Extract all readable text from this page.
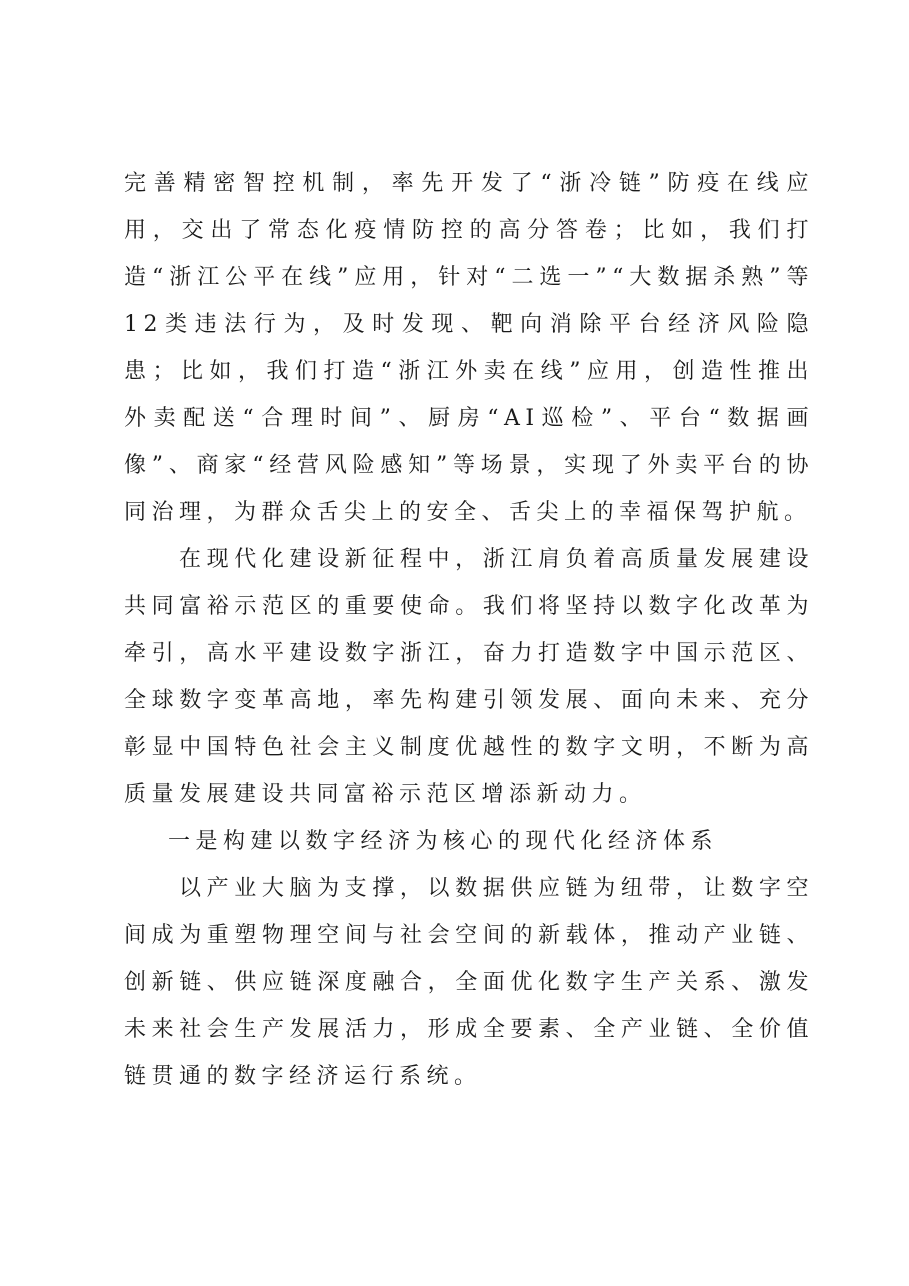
完善精密智控机制，率先开发了“浙冷链”防疫在线应用，交出了常态化疫情防控的高分答卷；比如，我们打造“浙江公平在线”应用，针对“二选一”“大数据杀熟”等12类违法行为，及时发现、靶向消除平台经济风险隐患；比如，我们打造“浙江外卖在线”应用，创造性推出外卖配送“合理时间”、厨房“AI巡检”、平台“数据画像”、商家“经营风险感知”等场景，实现了外卖平台的协同治理，为群众舌尖上的安全、舌尖上的幸福保驾护航。

在现代化建设新征程中，浙江肩负着高质量发展建设共同富裕示范区的重要使命。我们将坚持以数字化改革为牵引，高水平建设数字浙江，奋力打造数字中国示范区、全球数字变革高地，率先构建引领发展、面向未来、充分彰显中国特色社会主义制度优越性的数字文明，不断为高质量发展建设共同富裕示范区增添新动力。

一是构建以数字经济为核心的现代化经济体系

以产业大脑为支撑，以数据供应链为纽带，让数字空间成为重塑物理空间与社会空间的新载体，推动产业链、创新链、供应链深度融合，全面优化数字生产关系、激发未来社会生产发展活力，形成全要素、全产业链、全价值链贯通的数字经济运行系统。
